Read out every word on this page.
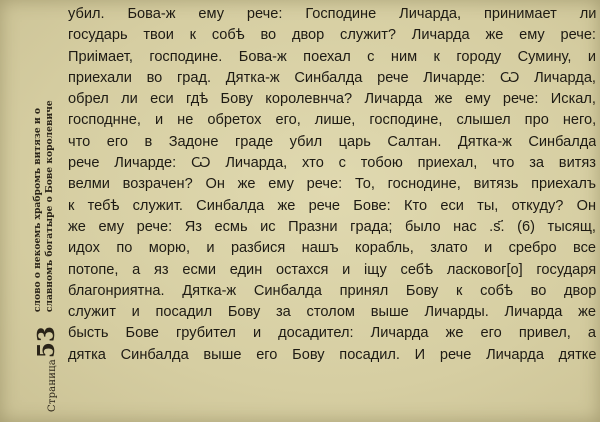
Страница
53
слово о некоемъ храбромъ витязе и о славномъ богатыре о Бове королевиче
убил. Бова-ж ему рече: Господине Личарда, принимает ли
государь твои к собѣ во двор служит? Личарда же ему рече:
Приімает, господине. Бова-ж поехал с ним к городу Сумину, и
приехали во град. Дятка-ж Синбалда рече Личарде: Ѡ Личарда,
обрел ли еси гдѣ Бову королевнча? Личарда же ему рече: Искал,
господнне, и не обретох его, лише, господине, слышел про него,
что его в Задоне граде убил царь Салтан. Дятка-ж Синбалда
рече Личарде: Ѡ Личарда, хто с тобою приехал, что за витяз
велми возрачен? Он же ему рече: То, госнодине, витязь приехалъ
к тебѣ служит. Синбалда же рече Бове: Кто еси ты, откуду? Он
же ему рече: Яз есмь ис Празни града; было нас .ѕ҃. (6) тысящ,
идох по морю, и разбися нашъ корабль, злато и сребро все
потопе, а яз есми един остахся и іщу себѣ ласковог[о] государя
благонриятна. Дятка-ж Синбалда принял Бову к собѣ во двор
служит и посадил Бову за столом выше Личарды. Личарда же
бысть Бове грубител и досадител: Личарда же его привел, а
дятка Синбалда выше его Бову посадил. И рече Личарда дятке
